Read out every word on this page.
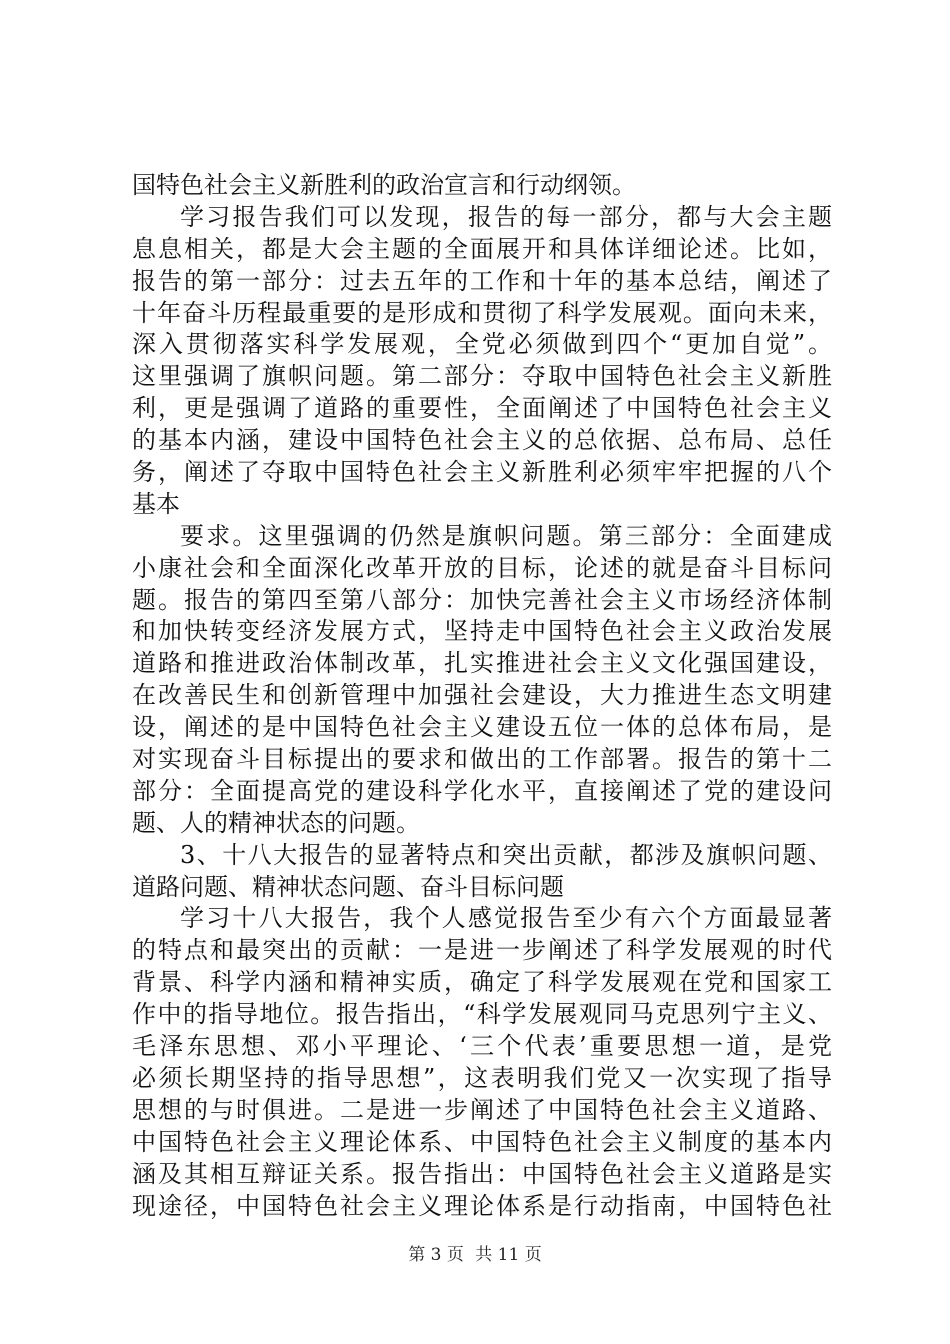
国特色社会主义新胜利的政治宣言和行动纲领。
学习报告我们可以发现，报告的每一部分，都与大会主题
息息相关，都是大会主题的全面展开和具体详细论述。比如，
报告的第一部分：过去五年的工作和十年的基本总结，阐述了
十年奋斗历程最重要的是形成和贯彻了科学发展观。面向未来，
深入贯彻落实科学发展观，全党必须做到四个“更加自觉”。
这里强调了旗帜问题。第二部分：夺取中国特色社会主义新胜
利，更是强调了道路的重要性，全面阐述了中国特色社会主义
的基本内涵，建设中国特色社会主义的总依据、总布局、总任
务，阐述了夺取中国特色社会主义新胜利必须牢牢把握的八个
基本
要求。这里强调的仍然是旗帜问题。第三部分：全面建成
小康社会和全面深化改革开放的目标，论述的就是奋斗目标问
题。报告的第四至第八部分：加快完善社会主义市场经济体制
和加快转变经济发展方式，坚持走中国特色社会主义政治发展
道路和推进政治体制改革，扎实推进社会主义文化强国建设，
在改善民生和创新管理中加强社会建设，大力推进生态文明建
设，阐述的是中国特色社会主义建设五位一体的总体布局，是
对实现奋斗目标提出的要求和做出的工作部署。报告的第十二
部分：全面提高党的建设科学化水平，直接阐述了党的建设问
题、人的精神状态的问题。
3、十八大报告的显著特点和突出贡献，都涉及旗帜问题、
道路问题、精神状态问题、奋斗目标问题
学习十八大报告，我个人感觉报告至少有六个方面最显著
的特点和最突出的贡献：一是进一步阐述了科学发展观的时代
背景、科学内涵和精神实质，确定了科学发展观在党和国家工
作中的指导地位。报告指出，“科学发展观同马克思列宁主义、
毛泽东思想、邓小平理论、‘三个代表’重要思想一道，是党
必须长期坚持的指导思想”，这表明我们党又一次实现了指导
思想的与时俱进。二是进一步阐述了中国特色社会主义道路、
中国特色社会主义理论体系、中国特色社会主义制度的基本内
涵及其相互辩证关系。报告指出：中国特色社会主义道路是实
现途径，中国特色社会主义理论体系是行动指南，中国特色社
第 3 页 共 11 页
